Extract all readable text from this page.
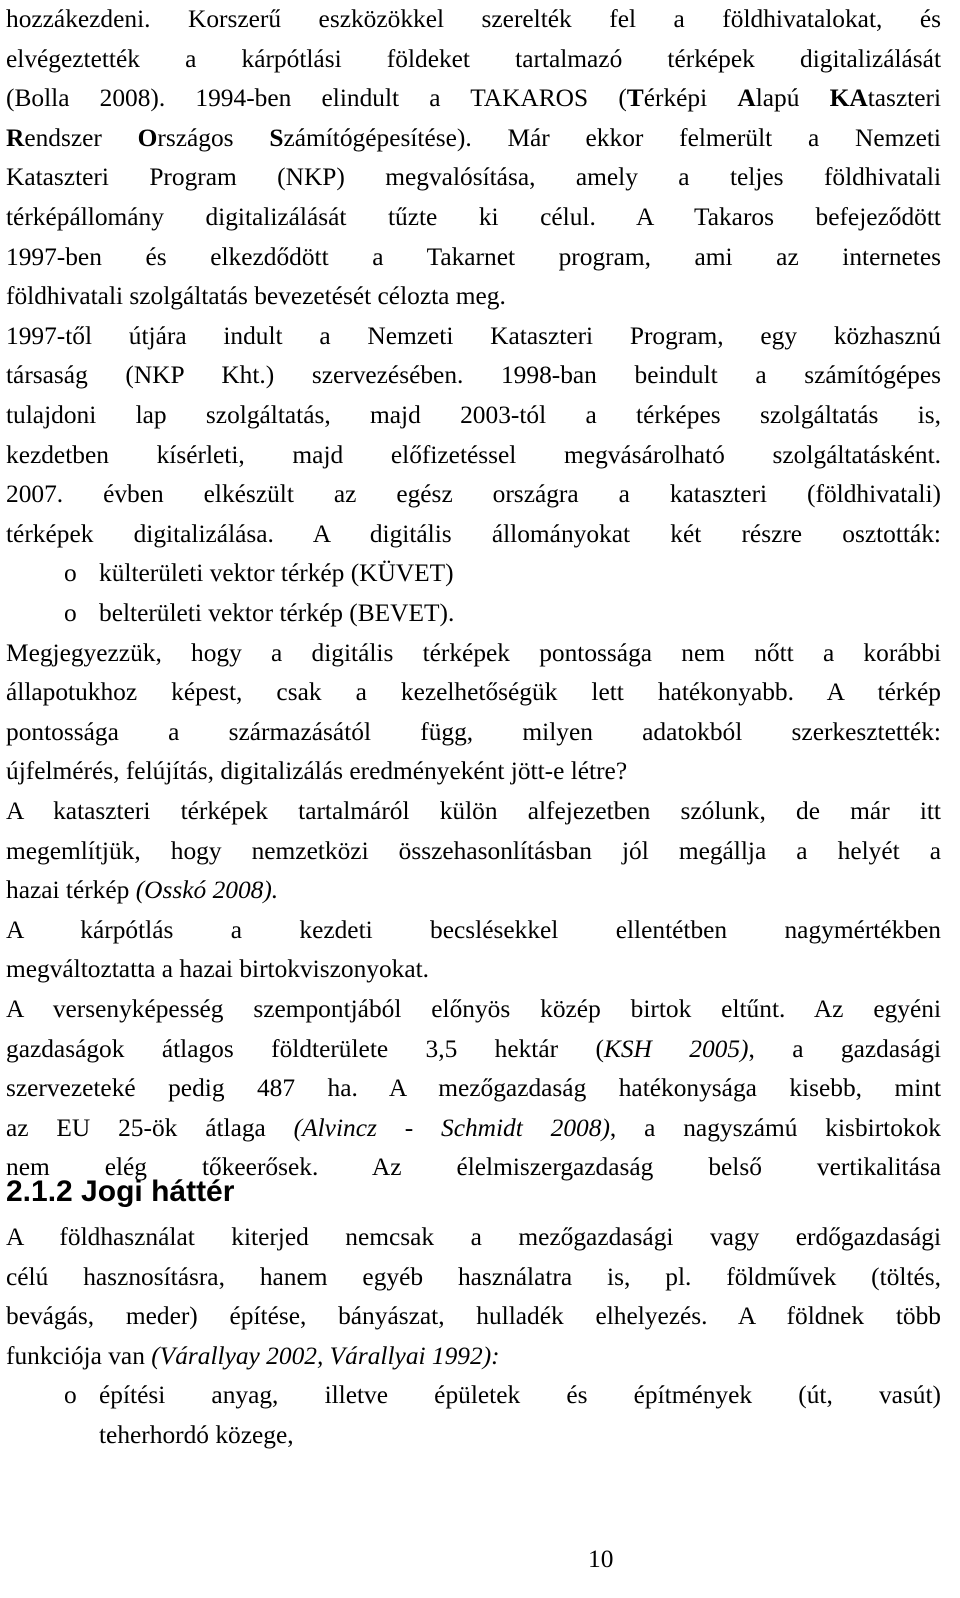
hozzákezdeni. Korszerű eszközökkel szerelték fel a földhivatalokat, és

elvégeztették a kárpótlási földeket tartalmazó térképek digitalizálását

(Bolla 2008). 1994-ben elindult a TAKAROS (Térképi Alapú KAtaszteri

Rendszer Országos Számítógépesítése). Már ekkor felmerült a Nemzeti

Kataszteri Program (NKP) megvalósítása, amely a teljes földhivatali

térképállomány digitalizálását tűzte ki célul. A Takaros befejeződött

1997-ben és elkezdődött a Takarnet program, ami az internetes

földhivatali szolgáltatás bevezetését célozta meg.

1997-től útjára indult a Nemzeti Kataszteri Program, egy közhasznú

társaság (NKP Kht.) szervezésében. 1998-ban beindult a számítógépes

tulajdoni lap szolgáltatás, majd 2003-tól a térképes szolgáltatás is,

kezdetben kísérleti, majd előfizetéssel megvásárolható szolgáltatásként.

2007. évben elkészült az egész országra a kataszteri (földhivatali)

térképek digitalizálása. A digitális állományokat két részre osztották:

o külterületi vektor térkép (KÜVET)

o belterületi vektor térkép (BEVET).

Megjegyezzük, hogy a digitális térképek pontossága nem nőtt a korábbi

állapotukhoz képest, csak a kezelhetőségük lett hatékonyabb. A térkép

pontossága a származásától függ, milyen adatokból szerkesztették:

újfelmérés, felújítás, digitalizálás eredményeként jött-e létre?

A kataszteri térképek tartalmáról külön alfejezetben szólunk, de már itt

megemlítjük, hogy nemzetközi összehasonlításban jól megállja a helyét a

hazai térkép (Osskó 2008).

A kárpótlás a kezdeti becslésekkel ellentétben nagymértékben

megváltoztatta a hazai birtokviszonyokat.

A versenyképesség szempontjából előnyös közép birtok eltűnt. Az egyéni

gazdaságok átlagos földterülete 3,5 hektár (KSH 2005), a gazdasági

szervezeteké pedig 487 ha. A mezőgazdaság hatékonysága kisebb, mint

az EU 25-ök átlaga (Alvincz - Schmidt 2008), a nagyszámú kisbirtokok

2.1.2 Jogi háttér

A földhasználat kiterjed nemcsak a mezőgazdasági vagy erdőgazdasági

célú hasznosításra, hanem egyéb használatra is, pl. földművek (töltés,

bevágás, meder) építése, bányászat, hulladék elhelyezés. A földnek több

funkciója van (Várallyay 2002, Várallyai 1992):

o építési anyag, illetve épületek és építmények (út, vasút)
teherhordó közege,

10

nem elég tőkeerősek. Az élelmiszergazdaság belső vertikalitása
